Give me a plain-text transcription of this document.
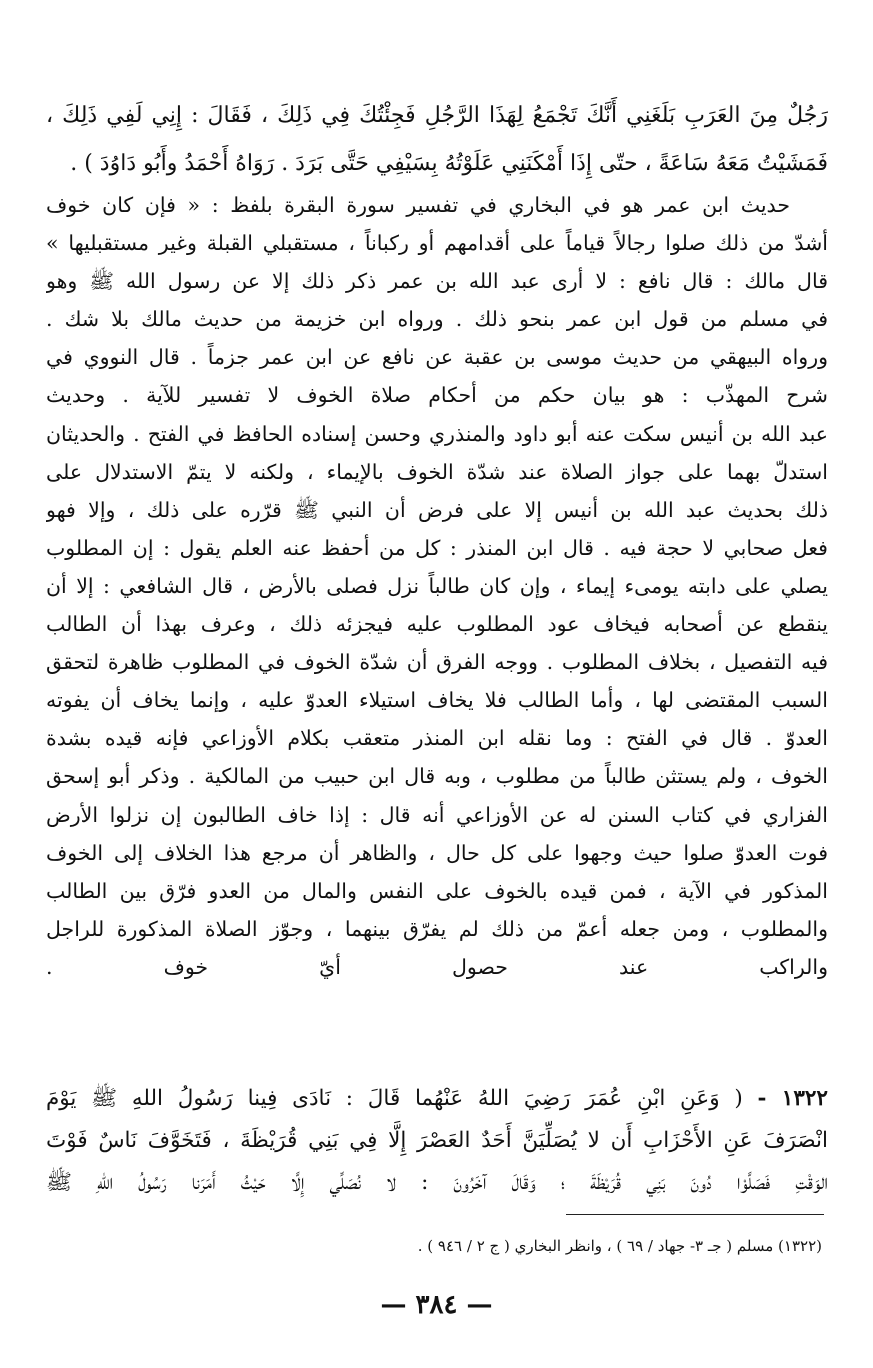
رَجُلٌ مِنَ العَرَبِ بَلَغَنِي أَنَّكَ تَجْمَعُ لِهَذَا الرَّجُلِ فَجِئْتُكَ فِي ذَلِكَ ، فَقَالَ : إِنِي لَفِي ذَلِكَ ،
فَمَشَيْتُ مَعَهُ سَاعَةً ، حتّى إِذَا أَمْكَنَنِي عَلَوْتُهُ بِسَيْفِي حَتَّى بَرَدَ . رَوَاهُ أَحْمَدُ وأَبُو دَاوُدَ ) .
حديث ابن عمر هو في البخاري في تفسير سورة البقرة بلفظ : « فإن كان خوف
أشدّ من ذلك صلوا رجالاً قياماً على أقدامهم أو ركباناً ، مستقبلي القبلة وغير مستقبليها »
قال مالك : قال نافع : لا أرى عبد الله بن عمر ذكر ذلك إلا عن رسول الله ﷺ وهو
في مسلم من قول ابن عمر بنحو ذلك . ورواه ابن خزيمة من حديث مالك بلا شك .
ورواه البيهقي من حديث موسى بن عقبة عن نافع عن ابن عمر جزماً . قال النووي في
شرح المهذّب : هو بيان حكم من أحكام صلاة الخوف لا تفسير للآية . وحديث
عبد الله بن أنيس سكت عنه أبو داود والمنذري وحسن إسناده الحافظ في الفتح . والحديثان
استدلّ بهما على جواز الصلاة عند شدّة الخوف بالإيماء ، ولكنه لا يتمّ الاستدلال على
ذلك بحديث عبد الله بن أنيس إلا على فرض أن النبي ﷺ قرّره على ذلك ، وإلا فهو
فعل صحابي لا حجة فيه . قال ابن المنذر : كل من أحفظ عنه العلم يقول : إن المطلوب
يصلي على دابته يومىء إيماء ، وإن كان طالباً نزل فصلى بالأرض ، قال الشافعي : إلا أن
ينقطع عن أصحابه فيخاف عود المطلوب عليه فيجزئه ذلك ، وعرف بهذا أن الطالب
فيه التفصيل ، بخلاف المطلوب . ووجه الفرق أن شدّة الخوف في المطلوب ظاهرة لتحقق
السبب المقتضى لها ، وأما الطالب فلا يخاف استيلاء العدوّ عليه ، وإنما يخاف أن يفوته
العدوّ . قال في الفتح : وما نقله ابن المنذر متعقب بكلام الأوزاعي فإنه قيده بشدة
الخوف ، ولم يستثن طالباً من مطلوب ، وبه قال ابن حبيب من المالكية . وذكر أبو إسحق
الفزاري في كتاب السنن له عن الأوزاعي أنه قال : إذا خاف الطالبون إن نزلوا الأرض
فوت العدوّ صلوا حيث وجهوا على كل حال ، والظاهر أن مرجع هذا الخلاف إلى الخوف
المذكور في الآية ، فمن قيده بالخوف على النفس والمال من العدو فرّق بين الطالب
والمطلوب ، ومن جعله أعمّ من ذلك لم يفرّق بينهما ، وجوّز الصلاة المذكورة للراجل
والراكب عند حصول أيّ خوف .
١٣٢٢ - ( وَعَنِ ابْنِ عُمَرَ رَضِيَ اللهُ عَنْهُما قَالَ : نَادَى فِينا رَسُولُ اللهِ ﷺ يَوْمَ
انْصَرَفَ عَنِ الأَحْزَابِ أَن لا يُصَلِّيَنَّ أَحَدٌ العَصْرَ إِلَّا فِي بَنِي قُرَيْظَةَ ، فَتَخَوَّفَ نَاسٌ فَوْتَ
الوَقْتِ فَصَلَّوْا دُونَ بَنِي قُرَيْظَةَ ؛ وَقَالَ آخَرُونَ : لا نُصَلِّي إِلَّا حَيْثُ أَمَرَنا رَسُولُ اللهِ ﷺ
(١٣٢٢) مسلم ( جـ ٣- جهاد / ٦٩ ) ، وانظر البخاري ( ج ٢ / ٩٤٦ ) .
— ٣٨٤ —
